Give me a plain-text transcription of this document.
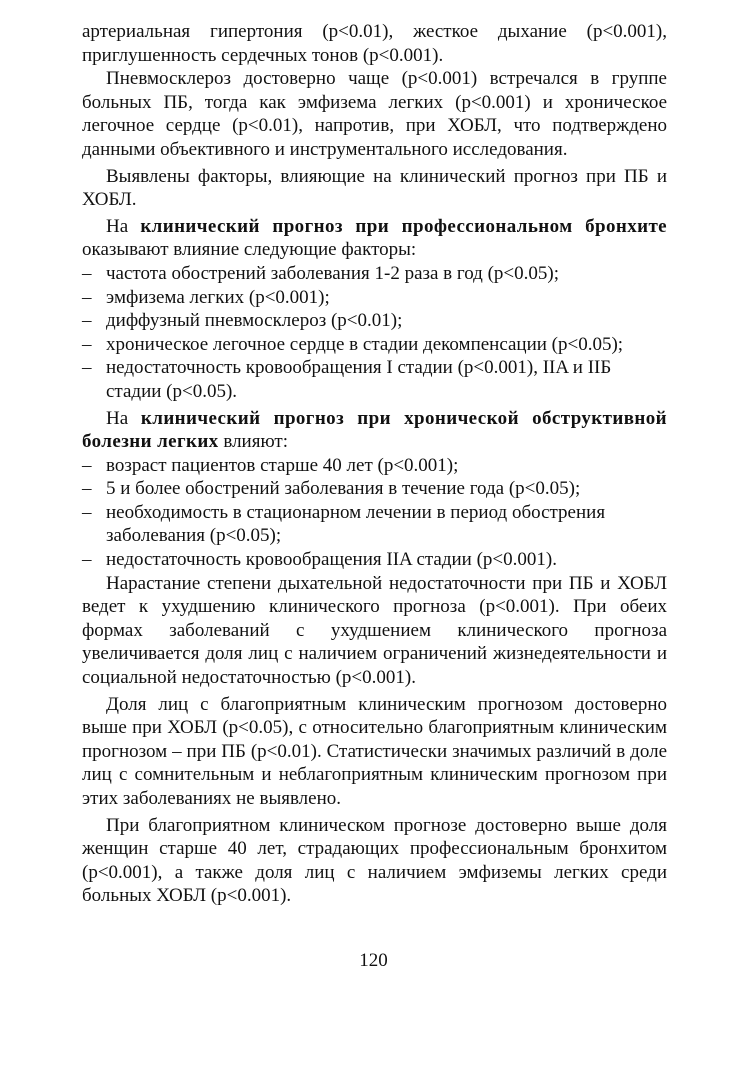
артериальная гипертония (p<0.01), жесткое дыхание (p<0.001), приглушенность сердечных тонов (p<0.001).

Пневмосклероз достоверно чаще (p<0.001) встречался в группе больных ПБ, тогда как эмфизема легких (p<0.001) и хроническое легочное сердце (p<0.01), напротив, при ХОБЛ, что подтверждено данными объективного и инструментального исследования.

Выявлены факторы, влияющие на клинический прогноз при ПБ и ХОБЛ.

На клинический прогноз при профессиональном бронхите оказывают влияние следующие факторы:

– частота обострений заболевания 1-2 раза в год (p<0.05);
– эмфизема легких (p<0.001);
– диффузный пневмосклероз (p<0.01);
– хроническое легочное сердце в стадии декомпенсации (p<0.05);
– недостаточность кровообращения I стадии (p<0.001), IIA и IIБ стадии (p<0.05).

На клинический прогноз при хронической обструктивной болезни легких влияют:

– возраст пациентов старше 40 лет (p<0.001);
– 5 и более обострений заболевания в течение года (p<0.05);
– необходимость в стационарном лечении в период обострения заболевания (p<0.05);
– недостаточность кровообращения IIA стадии (p<0.001).

Нарастание степени дыхательной недостаточности при ПБ и ХОБЛ ведет к ухудшению клинического прогноза (p<0.001). При обеих формах заболеваний с ухудшением клинического прогноза увеличивается доля лиц с наличием ограничений жизнедеятельности и социальной недостаточностью (p<0.001).

Доля лиц с благоприятным клиническим прогнозом достоверно выше при ХОБЛ (p<0.05), с относительно благоприятным клиническим прогнозом – при ПБ (p<0.01). Статистически значимых различий в доле лиц с сомнительным и неблагоприятным клиническим прогнозом при этих заболеваниях не выявлено.

При благоприятном клиническом прогнозе достоверно выше доля женщин старше 40 лет, страдающих профессиональным бронхитом (p<0.001), а также доля лиц с наличием эмфиземы легких среди больных ХОБЛ (p<0.001).

120
